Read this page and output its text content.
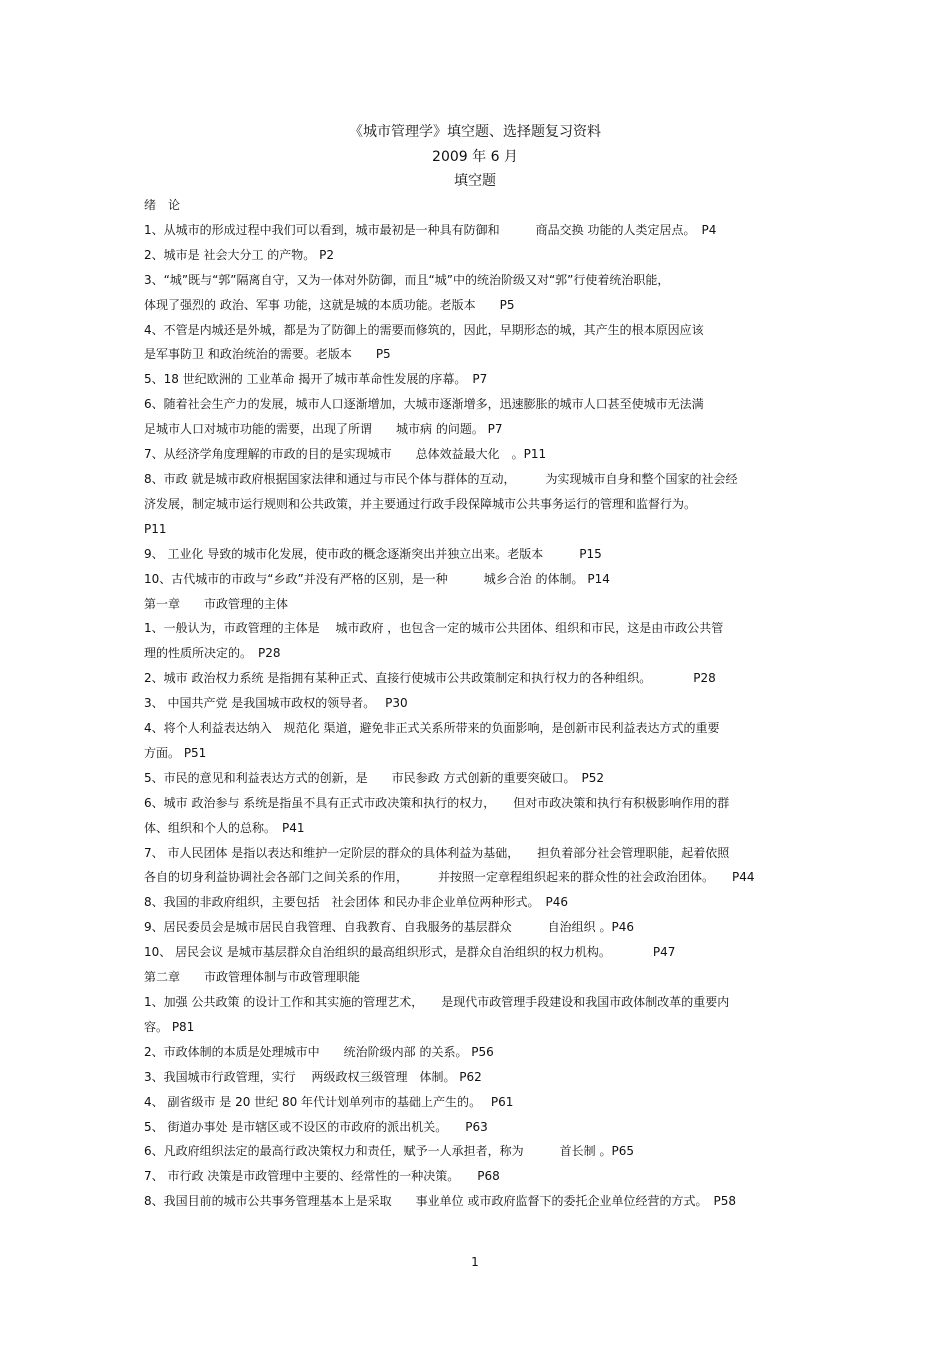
《城市管理学》填空题、选择题复习资料
2009 年 6 月
填空题

绪　论

1、从城市的形成过程中我们可以看到，城市最初是一种具有防御和　　　商品交换 功能的人类定居点。　P4

2、城市是 社会大分工 的产物。 P2

3、“城”既与“郭”隔离自守，又为一体对外防御，而且“城”中的统治阶级又对“郭”行使着统治职能，

体现了强烈的 政治、军事 功能，这就是城的本质功能。老版本　　P5

4、不管是内城还是外城，都是为了防御上的需要而修筑的，因此，早期形态的城，其产生的根本原因应该

是军事防卫 和政治统治的需要。老版本　　P5

5、18 世纪欧洲的 工业革命 揭开了城市革命性发展的序幕。　P7

6、随着社会生产力的发展，城市人口逐渐增加，大城市逐渐增多，迅速膨胀的城市人口甚至使城市无法满

足城市人口对城市功能的需要，出现了所谓　　城市病 的问题。 P7

7、从经济学角度理解的市政的目的是实现城市　　总体效益最大化　。P11

8、市政 就是城市政府根据国家法律和通过与市民个体与群体的互动，　　　为实现城市自身和整个国家的社会经

济发展，制定城市运行规则和公共政策，并主要通过行政手段保障城市公共事务运行的管理和监督行为。

P11

9、 工业化 导致的城市化发展，使市政的概念逐渐突出并独立出来。老版本　　　P15

10、古代城市的市政与“乡政”并没有严格的区别，是一种　　　城乡合治 的体制。 P14

第一章　　市政管理的主体

1、一般认为，市政管理的主体是　 城市政府 ，也包含一定的城市公共团体、组织和市民，这是由市政公共管

理的性质所决定的。　P28

2、城市 政治权力系统 是指拥有某种正式、直接行使城市公共政策制定和执行权力的各种组织。　　　　P28

3、 中国共产党 是我国城市政权的领导者。　 P30

4、将个人利益表达纳入　规范化 渠道，避免非正式关系所带来的负面影响，是创新市民利益表达方式的重要

方面。 P51

5、市民的意见和利益表达方式的创新，是　　市民参政 方式创新的重要突破口。　P52

6、城市 政治参与 系统是指虽不具有正式市政决策和执行的权力，　　但对市政决策和执行有积极影响作用的群

体、组织和个人的总称。　P41

7、 市人民团体 是指以表达和维护一定阶层的群众的具体利益为基础，　　担负着部分社会管理职能，起着依照

各自的切身利益协调社会各部门之间关系的作用，　　　并按照一定章程组织起来的群众性的社会政治团体。　　P44

8、我国的非政府组织，主要包括　社会团体 和民办非企业单位两种形式。　P46

9、居民委员会是城市居民自我管理、自我教育、自我服务的基层群众　　　自治组织 。P46

10、 居民会议 是城市基层群众自治组织的最高组织形式，是群众自治组织的权力机构。　　　　P47

第二章　　市政管理体制与市政管理职能

1、加强 公共政策 的设计工作和其实施的管理艺术，　　是现代市政管理手段建设和我国市政体制改革的重要内

容。 P81

2、市政体制的本质是处理城市中　　统治阶级内部 的关系。 P56

3、我国城市行政管理，实行　 两级政权三级管理　体制。 P62

4、 副省级市 是 20 世纪 80 年代计划单列市的基础上产生的。　 P61

5、 街道办事处 是市辖区或不设区的市政府的派出机关。　　P63

6、凡政府组织法定的最高行政决策权力和责任，赋予一人承担者，称为　　　首长制 。P65

7、 市行政 决策是市政管理中主要的、经常性的一种决策。　　P68

8、我国目前的城市公共事务管理基本上是采取　　事业单位 或市政府监督下的委托企业单位经营的方式。　P58

1
